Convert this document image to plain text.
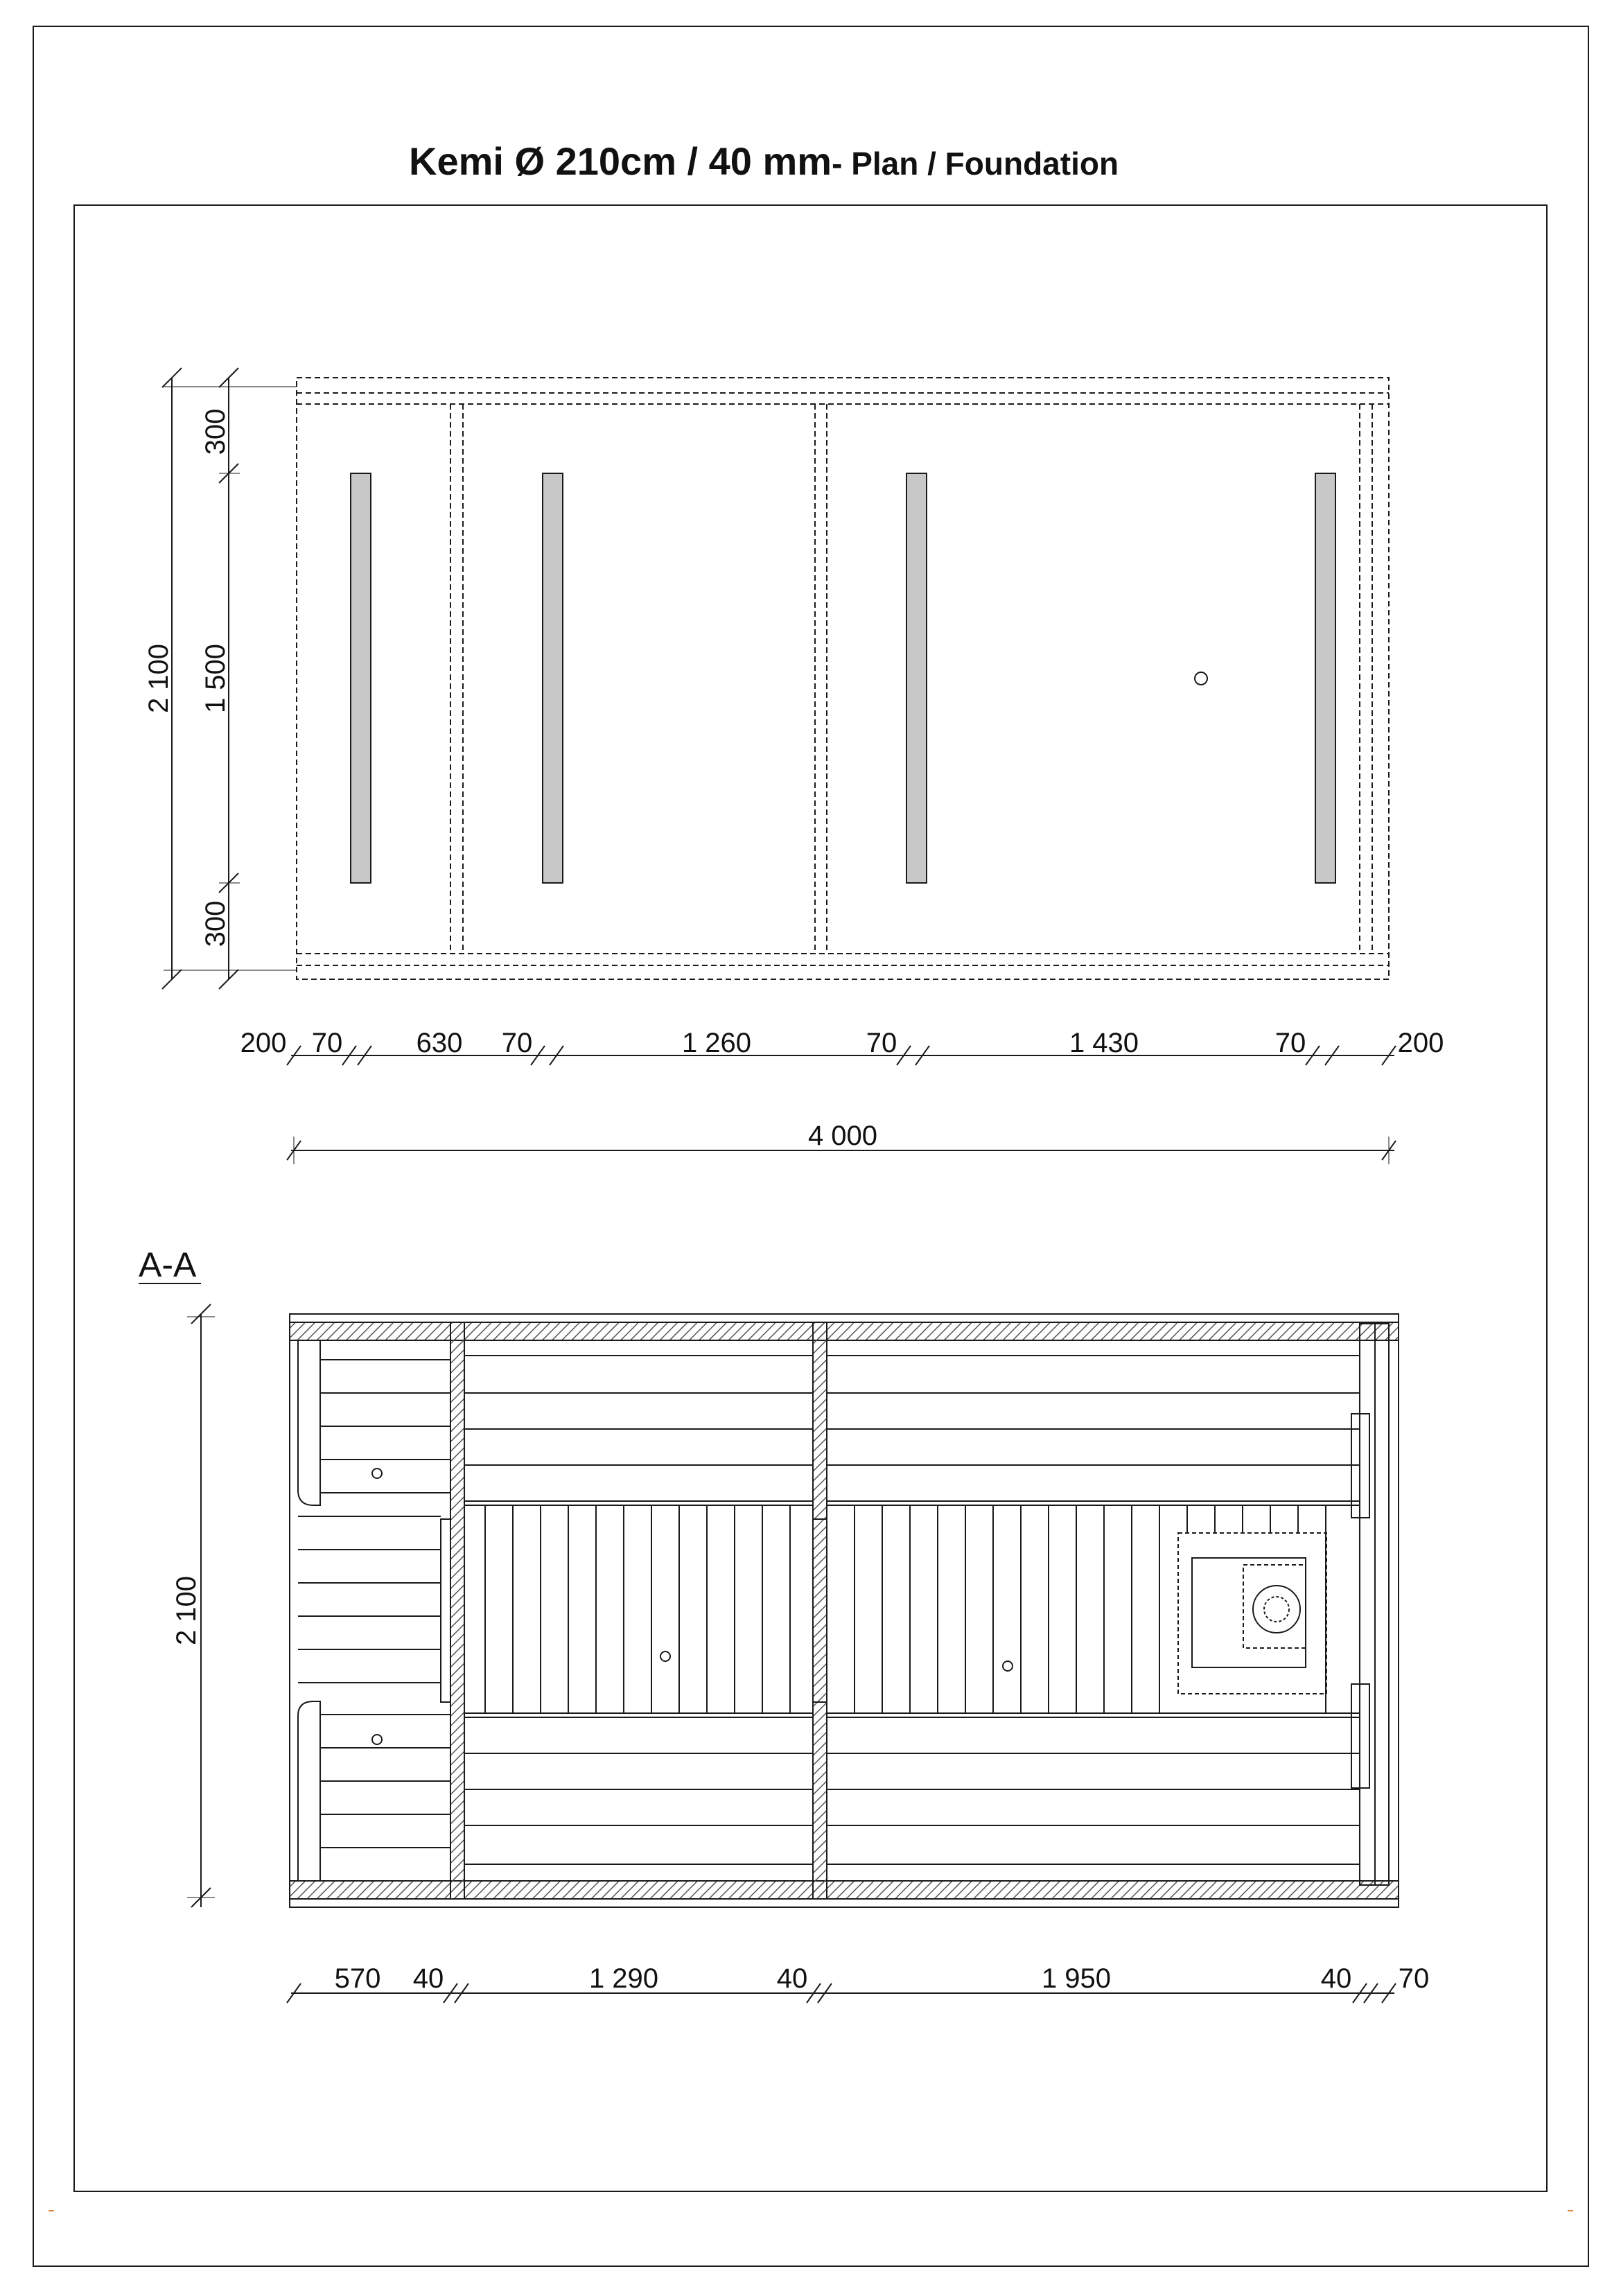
Kemi Ø 210cm / 40 mm- Plan / Foundation
2 100
300
1 500
300
200 70	630 70	1 260	70	1 430	70	200
4 000
A-A
2 100
570 40	1 290	40	1 950	40 70
